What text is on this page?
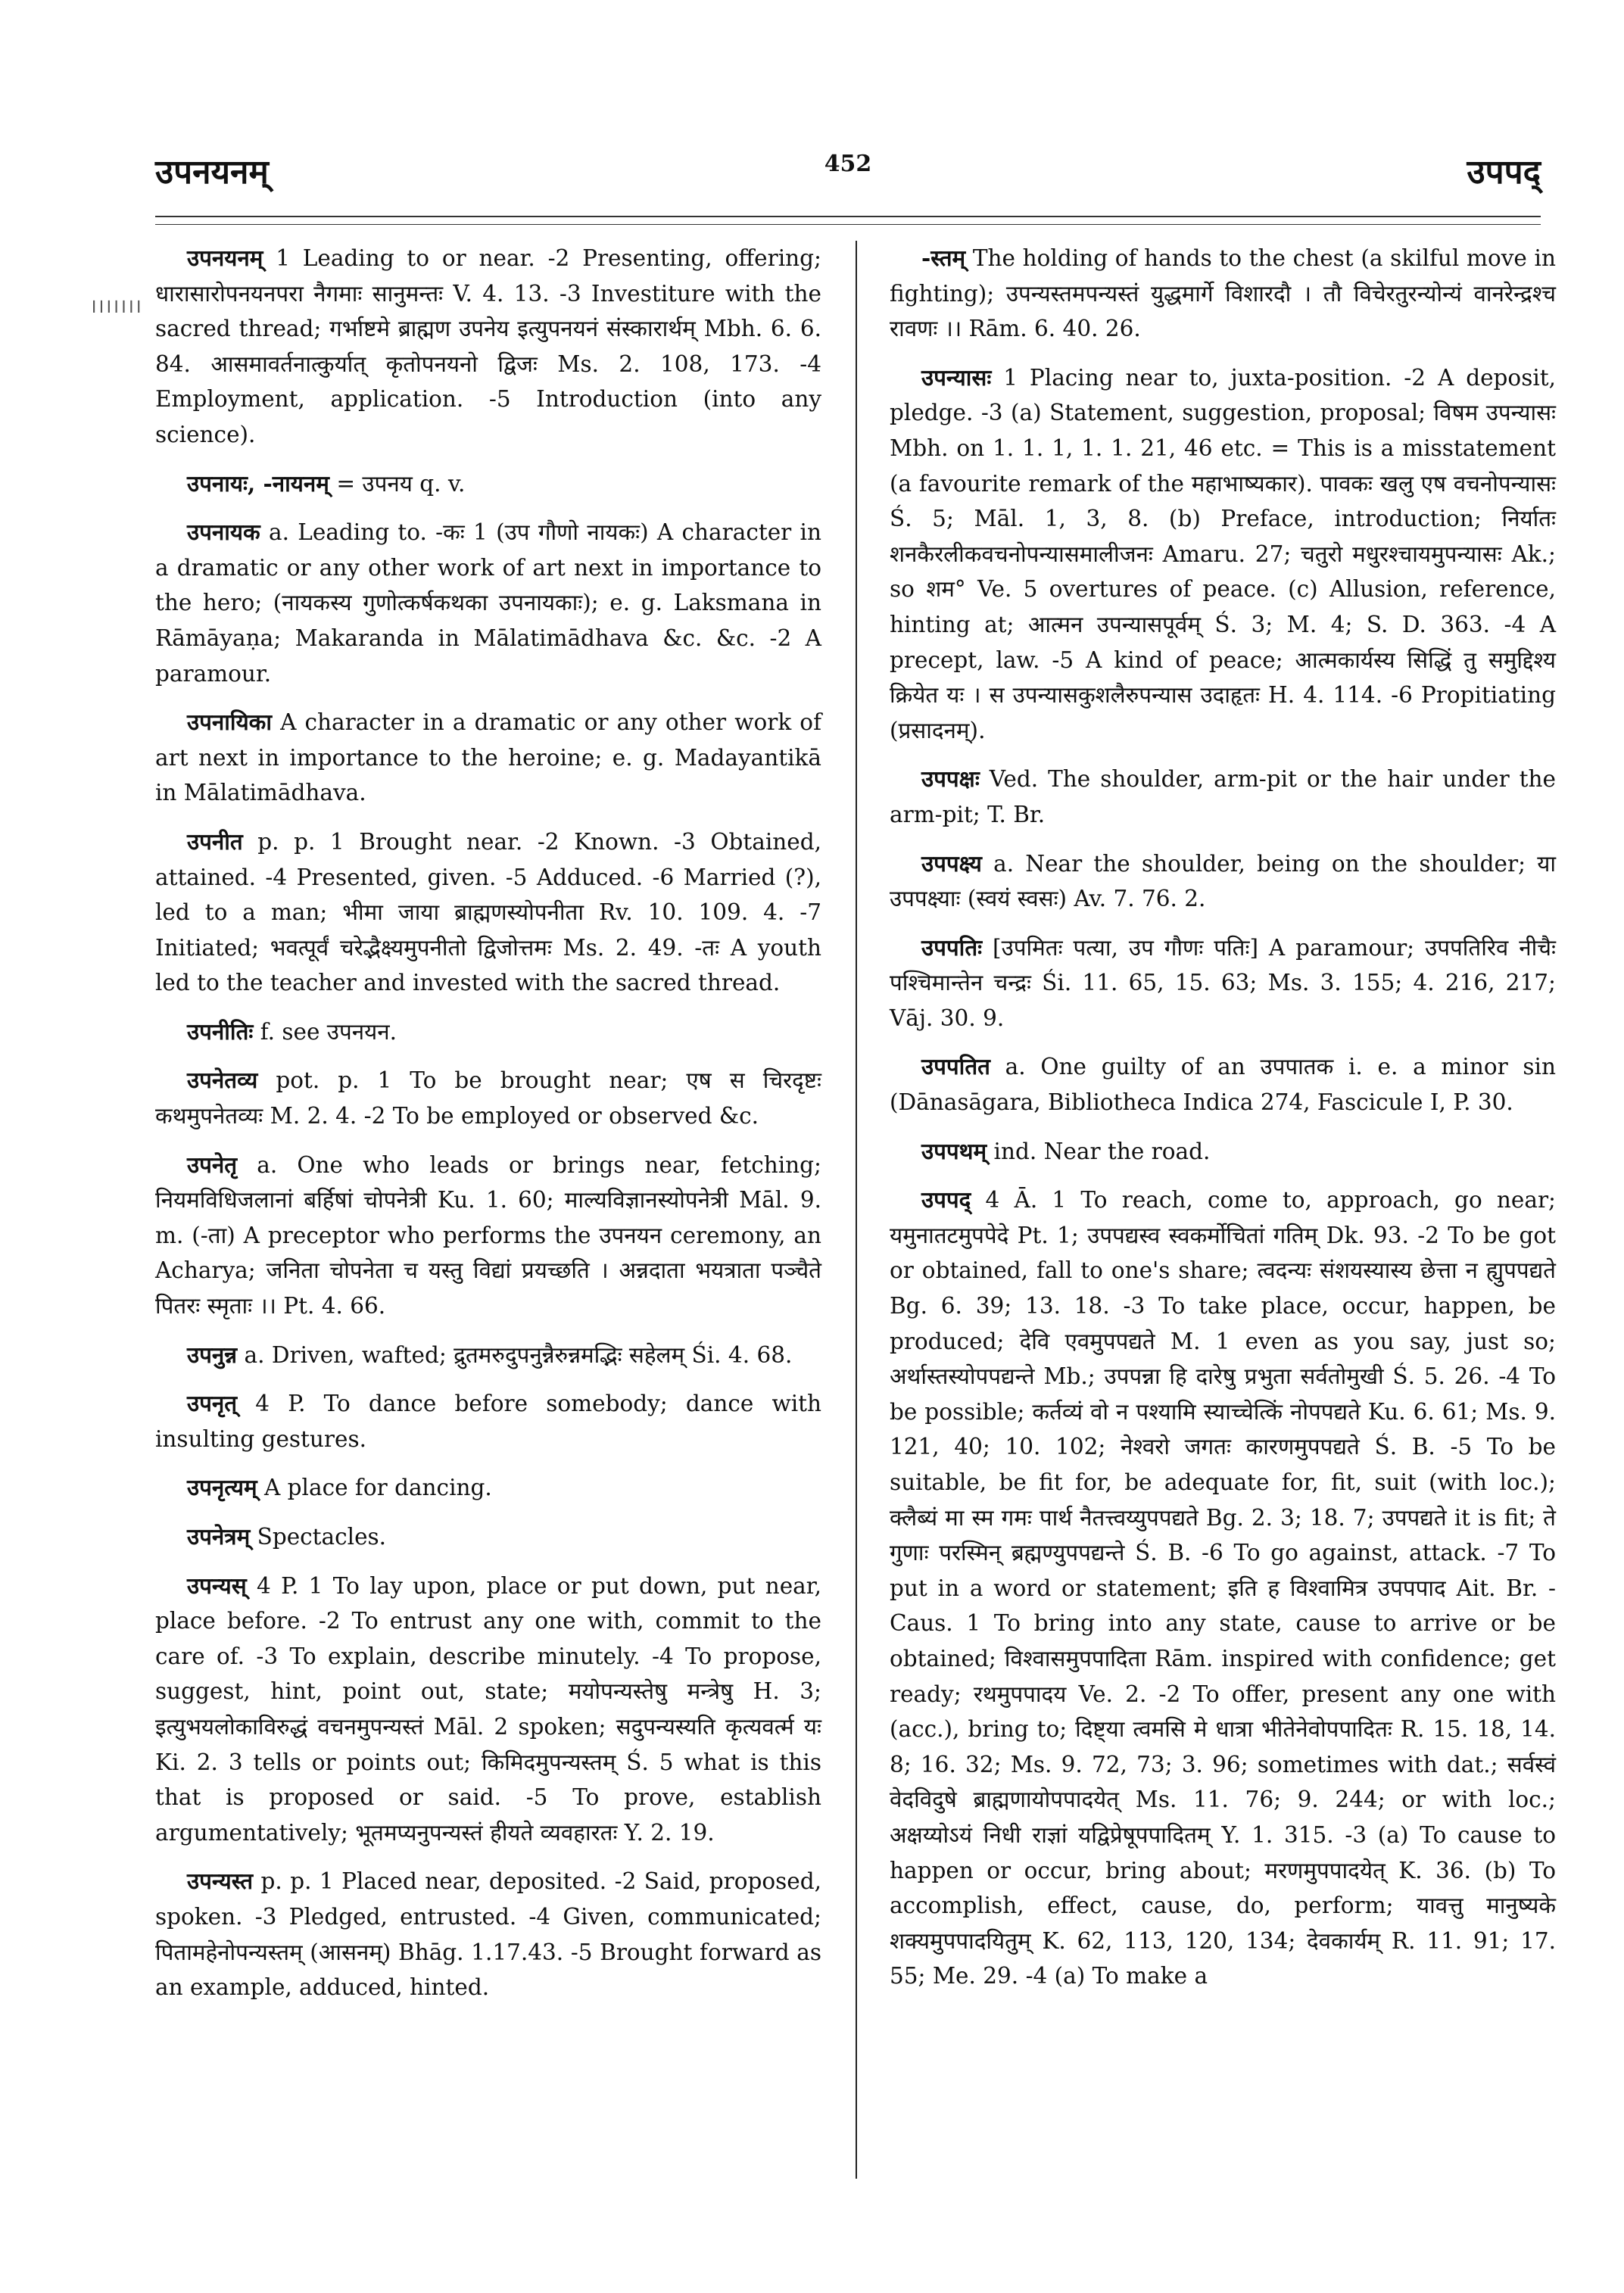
उपनयनम्	452	उपपद्
।।।।।।।

उपनयनम् 1 Leading to or near. -2 Presenting, offering; धारासारोपनयनपरा नैगमाः सानुमन्तः V. 4. 13. -3 Investiture with the sacred thread; गर्भाष्टमे ब्राह्मण उपनेय इत्युपनयनं संस्कारार्थम् Mbh. 6. 6. 84. आसमावर्तनात्कुर्यात् कृतोपनयनो द्विजः Ms. 2. 108, 173. -4 Employment, application. -5 Introduction (into any science).

उपनायः, -नायनम् = उपनय q. v.

उपनायक a. Leading to. -कः 1 (उप गौणो नायकः) A character in a dramatic or any other work of art next in importance to the hero; (नायकस्य गुणोत्कर्षकथका उपनायकाः); e. g. Laksmana in Rāmāyaṇa; Makaranda in Mālatimādhava &c. &c. -2 A paramour.

उपनायिका A character in a dramatic or any other work of art next in importance to the heroine; e. g. Madayantikā in Mālatimādhava.

उपनीत p. p. 1 Brought near. -2 Known. -3 Obtained, attained. -4 Presented, given. -5 Adduced. -6 Married (?), led to a man; भीमा जाया ब्राह्मणस्योपनीता Rv. 10. 109. 4. -7 Initiated; भवत्पूर्वं चरेद्भैक्ष्यमुपनीतो द्विजोत्तमः Ms. 2. 49. -तः A youth led to the teacher and invested with the sacred thread.

उपनीतिः f. see उपनयन.

उपनेतव्य pot. p. 1 To be brought near; एष स चिरदृष्टः कथमुपनेतव्यः M. 2. 4. -2 To be employed or observed &c.

उपनेतृ a. One who leads or brings near, fetching; नियमविधिजलानां बर्हिषां चोपनेत्री Ku. 1. 60; माल्यविज्ञानस्योपनेत्री Māl. 9. m. (-ता) A preceptor who performs the उपनयन ceremony, an Acharya; जनिता चोपनेता च यस्तु विद्यां प्रयच्छति । अन्नदाता भयत्राता पञ्चैते पितरः स्मृताः ।। Pt. 4. 66.

उपनुन्न a. Driven, wafted; द्रुतमरुदुपनुन्नैरुन्नमद्भिः सहेलम् Śi. 4. 68.

उपनृत् 4 P. To dance before somebody; dance with insulting gestures.

उपनृत्यम् A place for dancing.

उपनेत्रम् Spectacles.

उपन्यस् 4 P. 1 To lay upon, place or put down, put near, place before. -2 To entrust any one with, commit to the care of. -3 To explain, describe minutely. -4 To propose, suggest, hint, point out, state; मयोपन्यस्तेषु मन्त्रेषु H. 3; इत्युभयलोकाविरुद्धं वचनमुपन्यस्तं Māl. 2 spoken; सदुपन्यस्यति कृत्यवर्त्म यः Ki. 2. 3 tells or points out; किमिदमुपन्यस्तम् Ś. 5 what is this that is proposed or said. -5 To prove, establish argumentatively; भूतमप्यनुपन्यस्तं हीयते व्यवहारतः Y. 2. 19.

उपन्यस्त p. p. 1 Placed near, deposited. -2 Said, proposed, spoken. -3 Pledged, entrusted. -4 Given, communicated; पितामहेनोपन्यस्तम् (आसनम्) Bhāg. 1.17.43. -5 Brought forward as an example, adduced, hinted.

-स्तम् The holding of hands to the chest (a skilful move in fighting); उपन्यस्तमपन्यस्तं युद्धमार्गे विशारदौ । तौ विचेरतुरन्योन्यं वानरेन्द्रश्च रावणः ।। Rām. 6. 40. 26.

उपन्यासः 1 Placing near to, juxta-position. -2 A deposit, pledge. -3 (a) Statement, suggestion, proposal; विषम उपन्यासः Mbh. on 1. 1. 1, 1. 1. 21, 46 etc. = This is a misstatement (a favourite remark of the महाभाष्यकार). पावकः खलु एष वचनोपन्यासः Ś. 5; Māl. 1, 3, 8. (b) Preface, introduction; निर्यातः शनकैरलीकवचनोपन्यासमालीजनः Amaru. 27; चतुरो मधुरश्चायमुपन्यासः Ak.; so शम° Ve. 5 overtures of peace. (c) Allusion, reference, hinting at; आत्मन उपन्यासपूर्वम् Ś. 3; M. 4; S. D. 363. -4 A precept, law. -5 A kind of peace; आत्मकार्यस्य सिद्धिं तु समुद्दिश्य क्रियेत यः । स उपन्यासकुशलैरुपन्यास उदाहृतः H. 4. 114. -6 Propitiating (प्रसादनम्).

उपपक्षः Ved. The shoulder, arm-pit or the hair under the arm-pit; T. Br.

उपपक्ष्य a. Near the shoulder, being on the shoulder; या उपपक्ष्याः (स्वयं स्वसः) Av. 7. 76. 2.

उपपतिः [उपमितः पत्या, उप गौणः पतिः] A paramour; उपपतिरिव नीचैः पश्चिमान्तेन चन्द्रः Śi. 11. 65, 15. 63; Ms. 3. 155; 4. 216, 217; Vāj. 30. 9.

उपपतित a. One guilty of an उपपातक i. e. a minor sin (Dānasāgara, Bibliotheca Indica 274, Fascicule I, P. 30.

उपपथम् ind. Near the road.

उपपद् 4 Ā. 1 To reach, come to, approach, go near; यमुनातटमुपपेदे Pt. 1; उपपद्यस्व स्वकर्मोचितां गतिम् Dk. 93. -2 To be got or obtained, fall to one's share; त्वदन्यः संशयस्यास्य छेत्ता न ह्युपपद्यते Bg. 6. 39; 13. 18. -3 To take place, occur, happen, be produced; देवि एवमुपपद्यते M. 1 even as you say, just so; अर्थास्तस्योपपद्यन्ते Mb.; उपपन्ना हि दारेषु प्रभुता सर्वतोमुखी Ś. 5. 26. -4 To be possible; कर्तव्यं वो न पश्यामि स्याच्चेत्किं नोपपद्यते Ku. 6. 61; Ms. 9. 121, 40; 10. 102; नेश्वरो जगतः कारणमुपपद्यते Ś. B. -5 To be suitable, be fit for, be adequate for, fit, suit (with loc.); क्लैब्यं मा स्म गमः पार्थ नैतत्त्वय्युपपद्यते Bg. 2. 3; 18. 7; उपपद्यते it is fit; ते गुणाः परस्मिन् ब्रह्मण्युपपद्यन्ते Ś. B. -6 To go against, attack. -7 To put in a word or statement; इति ह विश्वामित्र उपपपाद Ait. Br. -Caus. 1 To bring into any state, cause to arrive or be obtained; विश्वासमुपपादिता Rām. inspired with confidence; get ready; रथमुपपादय Ve. 2. -2 To offer, present any one with (acc.), bring to; दिष्ट्या त्वमसि मे धात्रा भीतेनेवोपपादितः R. 15. 18, 14. 8; 16. 32; Ms. 9. 72, 73; 3. 96; sometimes with dat.; सर्वस्वं वेदविदुषे ब्राह्मणायोपपादयेत् Ms. 11. 76; 9. 244; or with loc.; अक्षय्योऽयं निधी राज्ञां यद्विप्रेषूपपादितम् Y. 1. 315. -3 (a) To cause to happen or occur, bring about; मरणमुपपादयेत् K. 36. (b) To accomplish, effect, cause, do, perform; यावत्तु मानुष्यके शक्यमुपपादयितुम् K. 62, 113, 120, 134; देवकार्यम् R. 11. 91; 17. 55; Me. 29. -4 (a) To make a
